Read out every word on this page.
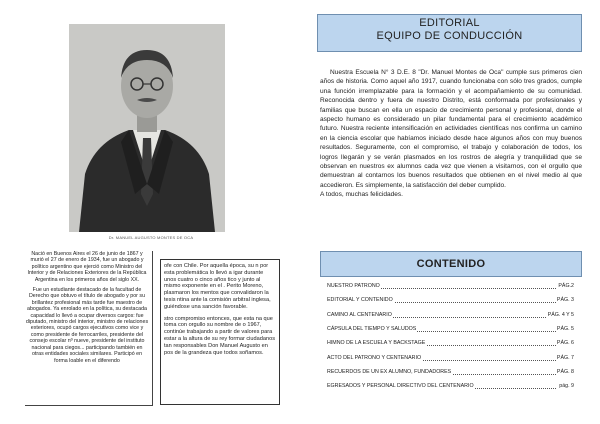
Dr. MANUEL AUGUSTO MONTES DE OCA

Nació en Buenos Aires el 26 de junio de 1867 y murió el 27 de enero de 1934, fue un abogado y político argentino que ejerció como Ministro del Interior y de Relaciones Exteriores de la República Argentina en los primeros años del siglo XX.

Fue un estudiante destacado de la facultad de Derecho que obtuvo el título de abogado y por su brillantez profesional más tarde fue maestro de abogados. Ya enrolado en la política, su destacada capacidad lo llevó a ocupar diversos cargos: fue diputado, ministro del interior, ministro de relaciones exteriores, ocupó cargos ejecutivos como vice y como presidente de ferrocarriles, presidente del consejo escolar nº nueve, presidente del instituto nacional para ciegos... participando también en otras entidades sociales similares. Participó en forma loable en el diferendo

ofe con Chile. Por aquella época, su n por esta problemática lo llevó a igar durante unos cuatro o cinco años tico y junto al mismo exponente en el . Perito Moreno, plasmaron los mentos que convalidaron la tesis ntina ante la comisión arbitral inglesa, guiéndose una sanción favorable.

stro compromiso entonces, que esta na que toma con orgullo su nombre de o 1967, continúe trabajando a partir de valores para estar a la altura de su rey formar ciudadanos tan responsables Don Manuel Augusto en pos de la grandeza que todos soñamos.

EDITORIAL
EQUIPO DE CONDUCCIÓN

Nuestra Escuela N° 3 D.E. 8 "Dr. Manuel Montes de Oca" cumple sus primeros cien años de historia. Como aquel año 1917, cuando funcionaba con sólo tres grados, cumple una función irremplazable para la formación y el acompañamiento de su comunidad. Reconocida dentro y fuera de nuestro Distrito, está conformada por profesionales y familias que buscan en ella un espacio de crecimiento personal y profesional, donde el aspecto humano es considerado un pilar fundamental para el crecimiento académico futuro. Nuestra reciente intensificación en actividades científicas nos confirma un camino en la ciencia escolar que habíamos iniciado desde hace algunos años con muy buenos resultados. Seguramente, con el compromiso, el trabajo y colaboración de todos, los logros llegarán y se verán plasmados en los rostros de alegría y tranquilidad que se observan en nuestros ex alumnos cada vez que vienen a visitarnos, con el orgullo que demuestran al contarnos los buenos resultados que obtienen en el nivel medio al que accedieron. Es simplemente, la satisfacción del deber cumplido.

A todos, muchas felicidades.

CONTENIDO
NUESTRO PATRONO	PÁG.2
EDITORIAL Y CONTENIDO	PÁG. 3
CAMINO AL CENTENARIO	PÁG. 4 Y 5
CÁPSULA DEL TIEMPO Y SALUDOS	PÁG. 5
HIMNO DE LA ESCUELA Y BACKSTAGE	PÁG. 6
ACTO DEL PATRONO Y CENTENARIO	PÁG. 7
RECUERDOS DE UN EX ALUMNO, FUNDADORES	PÁG. 8
EGRESADOS Y PERSONAL DIRECTIVO DEL CENTENARIO	pág. 9
